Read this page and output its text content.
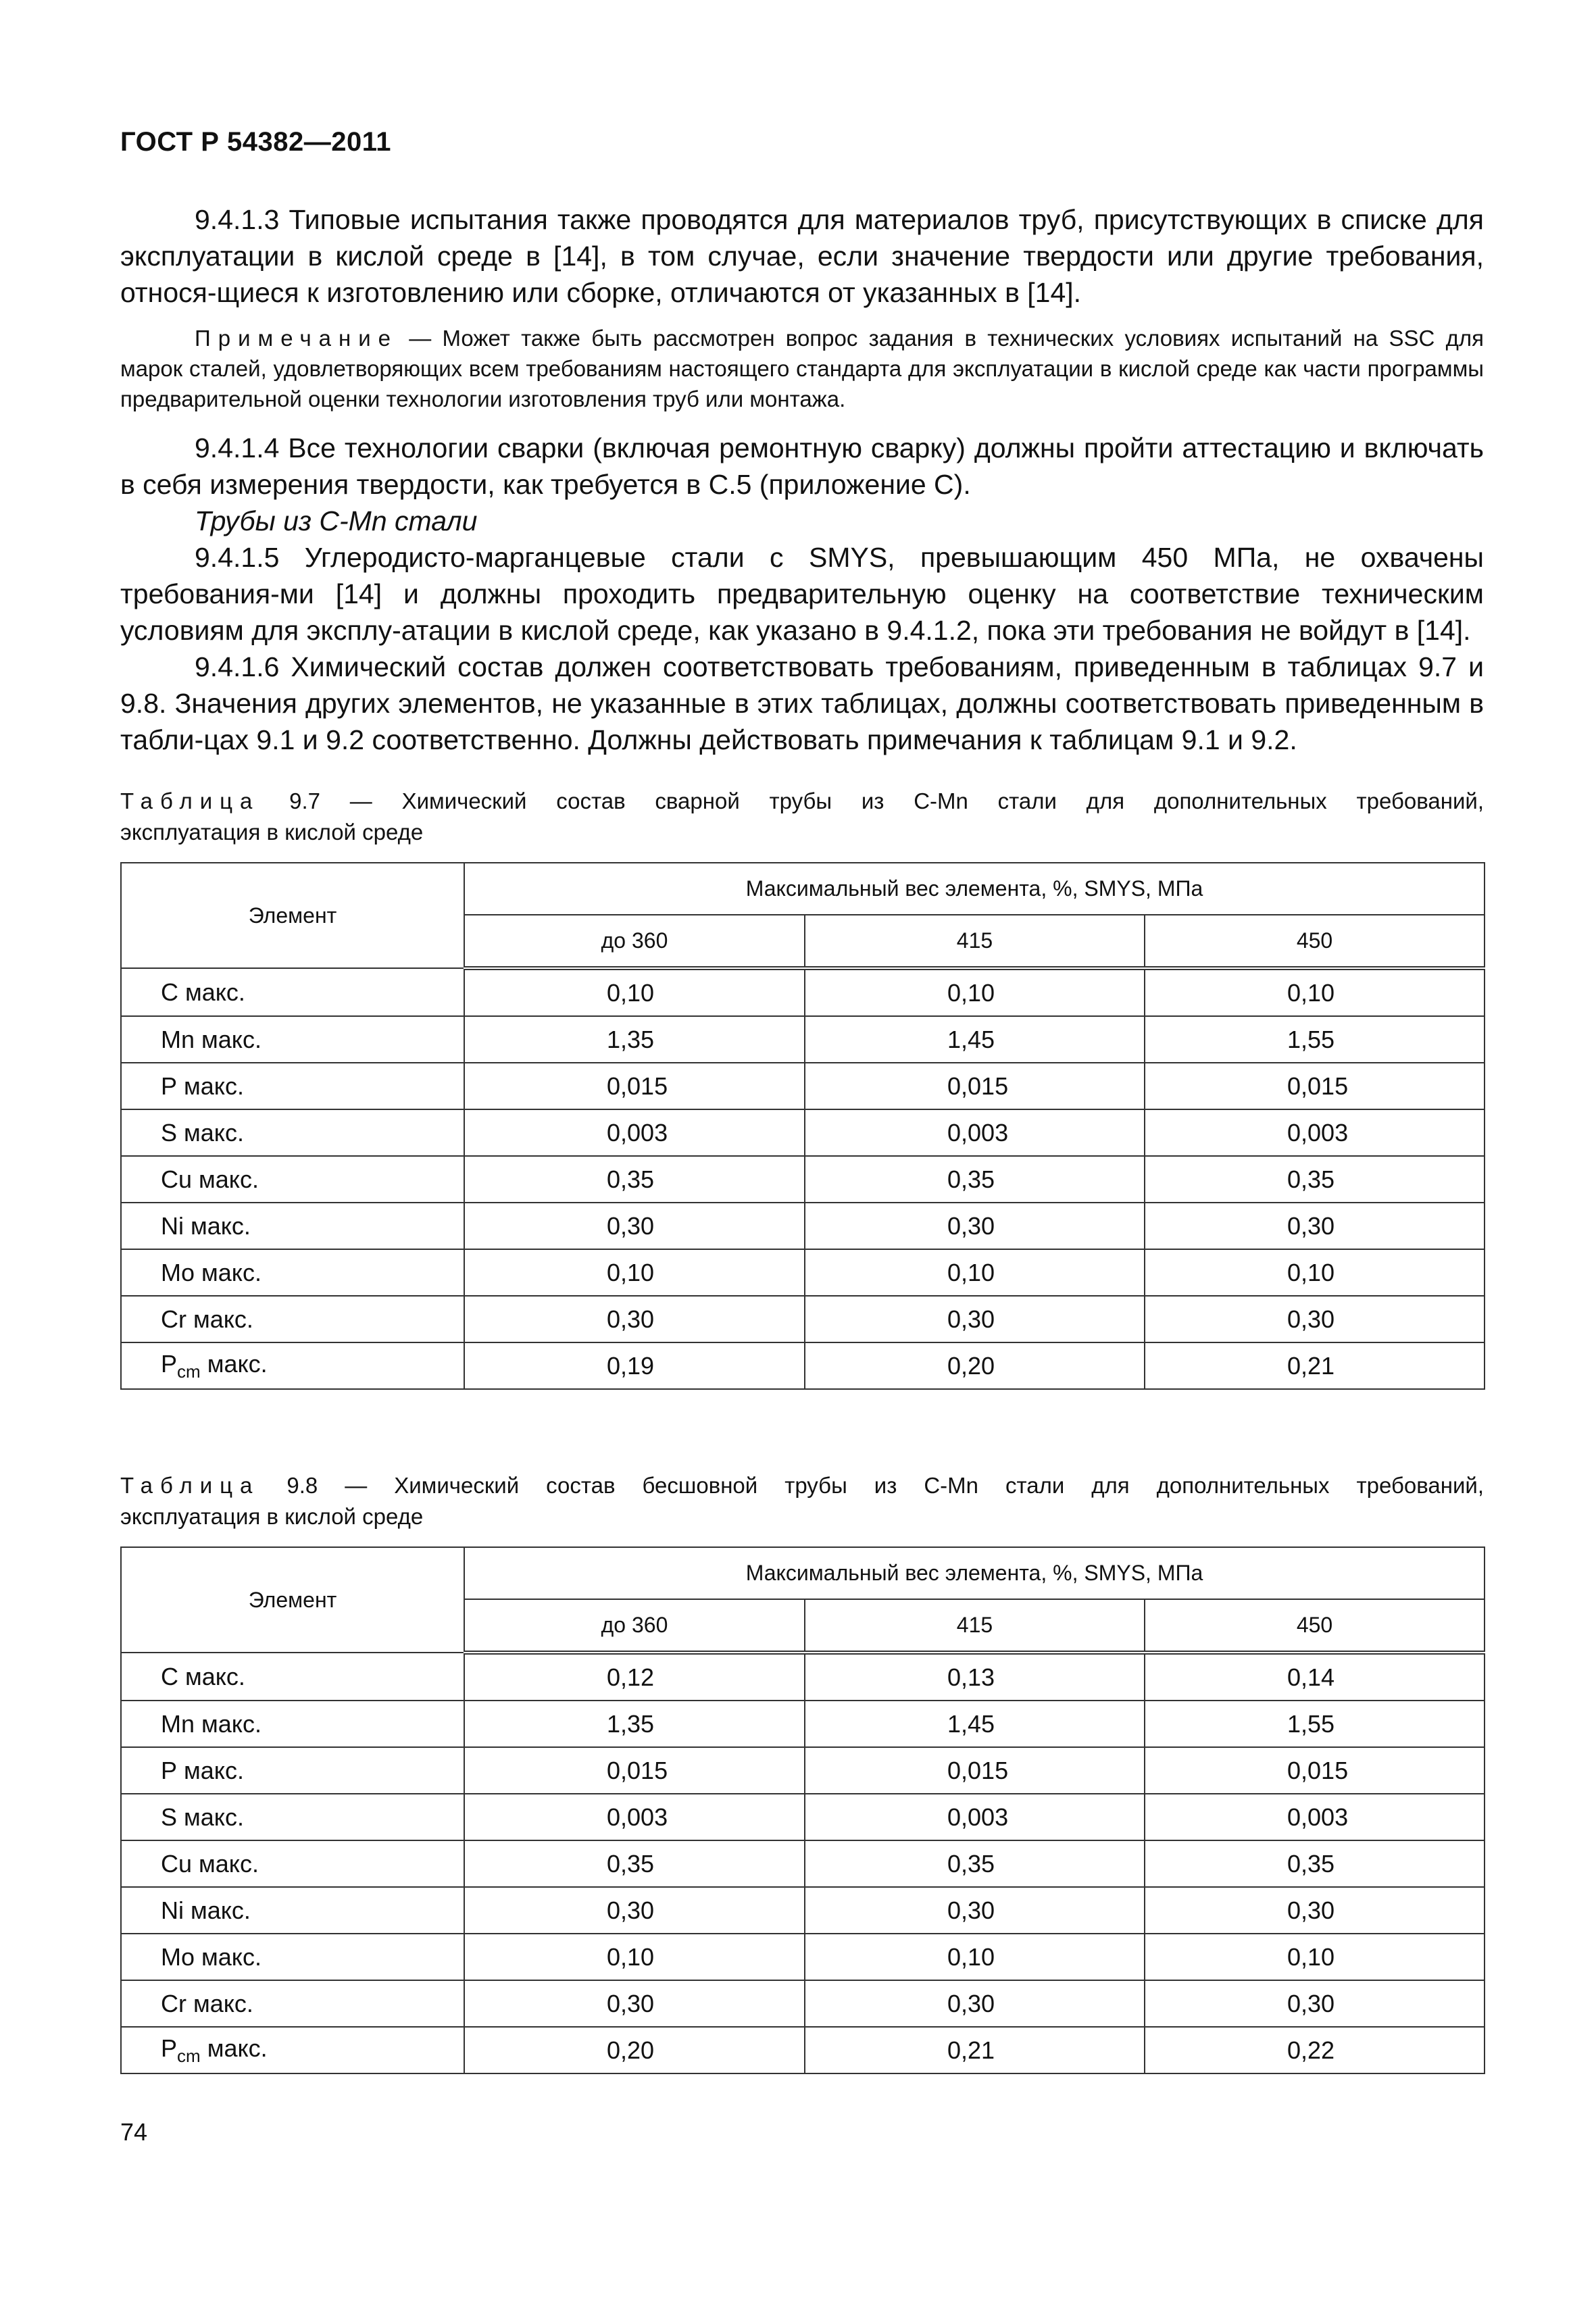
ГОСТ Р 54382—2011

9.4.1.3 Типовые испытания также проводятся для материалов труб, присутствующих в списке для эксплуатации в кислой среде в [14], в том случае, если значение твердости или другие требования, относя-щиеся к изготовлению или сборке, отличаются от указанных в [14].

Примечание — Может также быть рассмотрен вопрос задания в технических условиях испытаний на SSC для марок сталей, удовлетворяющих всем требованиям настоящего стандарта для эксплуатации в кислой среде как части программы предварительной оценки технологии изготовления труб или монтажа.

9.4.1.4 Все технологии сварки (включая ремонтную сварку) должны пройти аттестацию и включать в себя измерения твердости, как требуется в С.5 (приложение С).

Трубы из C-Mn стали

9.4.1.5 Углеродисто-марганцевые стали с SMYS, превышающим 450 МПа, не охвачены требования-ми [14] и должны проходить предварительную оценку на соответствие техническим условиям для эксплу-атации в кислой среде, как указано в 9.4.1.2, пока эти требования не войдут в [14].

9.4.1.6 Химический состав должен соответствовать требованиям, приведенным в таблицах 9.7 и 9.8. Значения других элементов, не указанные в этих таблицах, должны соответствовать приведенным в табли-цах 9.1 и 9.2 соответственно. Должны действовать примечания к таблицам 9.1 и 9.2.

Таблица 9.7 — Химический состав сварной трубы из C-Mn стали для дополнительных требований,
эксплуатация в кислой среде
Элемент	Максимальный вес элемента, %, SMYS, МПа		
	до 360	415	450
С макс.	0,10	0,10	0,10
Mn макс.	1,35	1,45	1,55
Р макс.	0,015	0,015	0,015
S макс.	0,003	0,003	0,003
Cu макс.	0,35	0,35	0,35
Ni макс.	0,30	0,30	0,30
Mo макс.	0,10	0,10	0,10
Cr макс.	0,30	0,30	0,30
$P_{cm}$ макс.	0,19	0,20	0,21
Таблица 9.8 — Химический состав бесшовной трубы из C-Mn стали для дополнительных требований,
эксплуатация в кислой среде
Элемент	Максимальный вес элемента, %, SMYS, МПа		
	до 360	415	450
С макс.	0,12	0,13	0,14
Mn макс.	1,35	1,45	1,55
Р макс.	0,015	0,015	0,015
S макс.	0,003	0,003	0,003
Cu макс.	0,35	0,35	0,35
Ni макс.	0,30	0,30	0,30
Mo макс.	0,10	0,10	0,10
Cr макс.	0,30	0,30	0,30
$P_{cm}$ макс.	0,20	0,21	0,22
74
